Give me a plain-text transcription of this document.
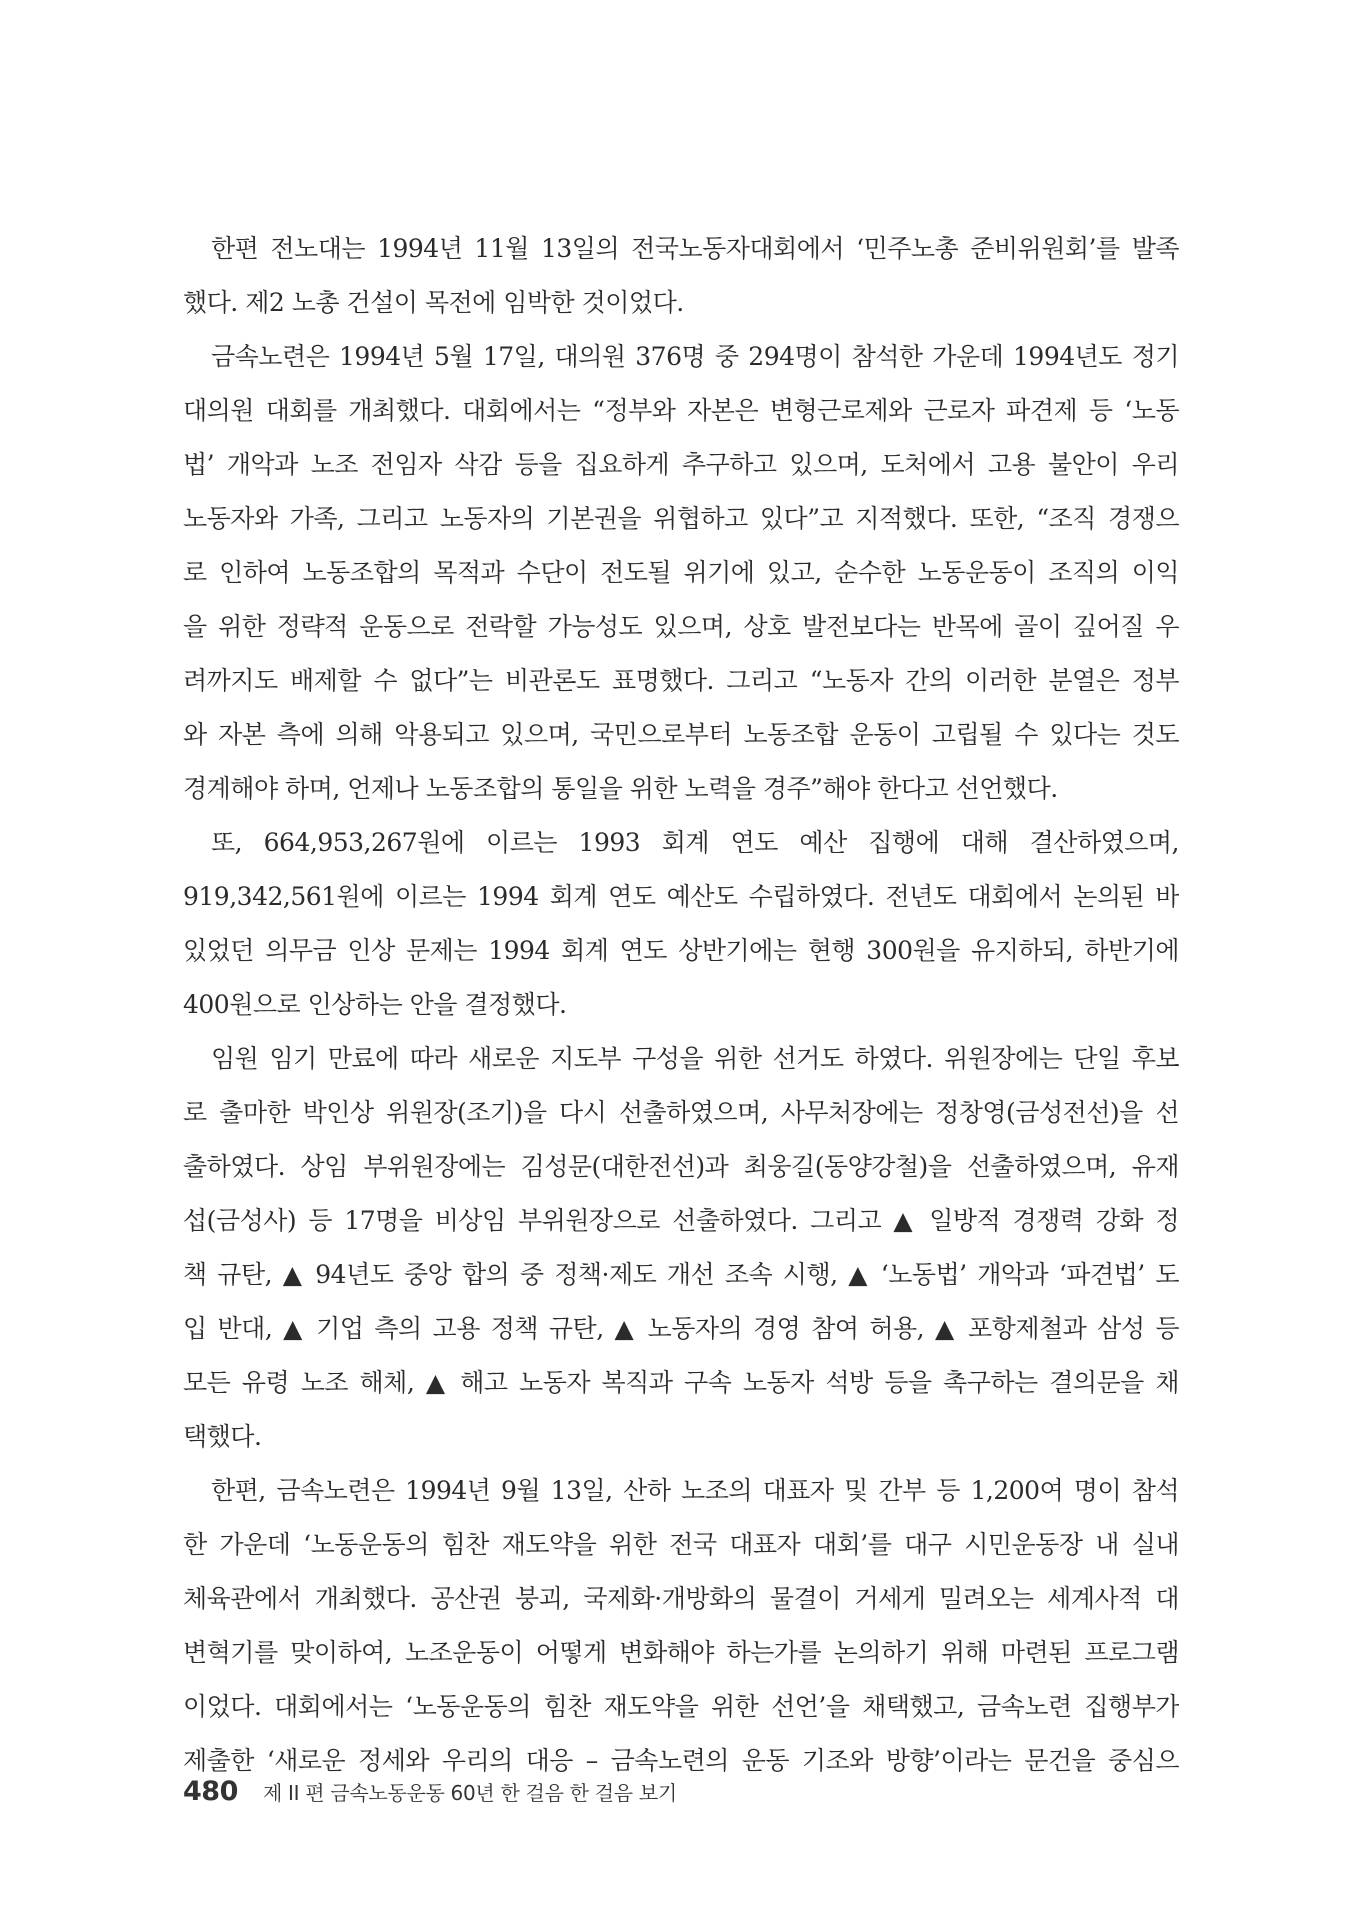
한편 전노대는 1994년 11월 13일의 전국노동자대회에서 ‘민주노총 준비위원회’를 발족
했다. 제2 노총 건설이 목전에 임박한 것이었다.
금속노련은 1994년 5월 17일, 대의원 376명 중 294명이 참석한 가운데 1994년도 정기
대의원 대회를 개최했다. 대회에서는 “정부와 자본은 변형근로제와 근로자 파견제 등 ‘노동
법’ 개악과 노조 전임자 삭감 등을 집요하게 추구하고 있으며, 도처에서 고용 불안이 우리
노동자와 가족, 그리고 노동자의 기본권을 위협하고 있다”고 지적했다. 또한, “조직 경쟁으
로 인하여 노동조합의 목적과 수단이 전도될 위기에 있고, 순수한 노동운동이 조직의 이익
을 위한 정략적 운동으로 전락할 가능성도 있으며, 상호 발전보다는 반목에 골이 깊어질 우
려까지도 배제할 수 없다”는 비관론도 표명했다. 그리고 “노동자 간의 이러한 분열은 정부
와 자본 측에 의해 악용되고 있으며, 국민으로부터 노동조합 운동이 고립될 수 있다는 것도
경계해야 하며, 언제나 노동조합의 통일을 위한 노력을 경주”해야 한다고 선언했다.
또, 664,953,267원에 이르는 1993 회계 연도 예산 집행에 대해 결산하였으며,
919,342,561원에 이르는 1994 회계 연도 예산도 수립하였다. 전년도 대회에서 논의된 바
있었던 의무금 인상 문제는 1994 회계 연도 상반기에는 현행 300원을 유지하되, 하반기에
400원으로 인상하는 안을 결정했다.
임원 임기 만료에 따라 새로운 지도부 구성을 위한 선거도 하였다. 위원장에는 단일 후보
로 출마한 박인상 위원장(조기)을 다시 선출하였으며, 사무처장에는 정창영(금성전선)을 선
출하였다. 상임 부위원장에는 김성문(대한전선)과 최웅길(동양강철)을 선출하였으며, 유재
섭(금성사) 등 17명을 비상임 부위원장으로 선출하였다. 그리고 ▲ 일방적 경쟁력 강화 정
책 규탄, ▲ 94년도 중앙 합의 중 정책·제도 개선 조속 시행, ▲ ‘노동법’ 개악과 ‘파견법’ 도
입 반대, ▲ 기업 측의 고용 정책 규탄, ▲ 노동자의 경영 참여 허용, ▲ 포항제철과 삼성 등
모든 유령 노조 해체, ▲ 해고 노동자 복직과 구속 노동자 석방 등을 촉구하는 결의문을 채
택했다.
한편, 금속노련은 1994년 9월 13일, 산하 노조의 대표자 및 간부 등 1,200여 명이 참석
한 가운데 ‘노동운동의 힘찬 재도약을 위한 전국 대표자 대회’를 대구 시민운동장 내 실내
체육관에서 개최했다. 공산권 붕괴, 국제화·개방화의 물결이 거세게 밀려오는 세계사적 대
변혁기를 맞이하여, 노조운동이 어떻게 변화해야 하는가를 논의하기 위해 마련된 프로그램
이었다. 대회에서는 ‘노동운동의 힘찬 재도약을 위한 선언’을 채택했고, 금속노련 집행부가
제출한 ‘새로운 정세와 우리의 대응 – 금속노련의 운동 기조와 방향’이라는 문건을 중심으
480 제 II 편 금속노동운동 60년 한 걸음 한 걸음 보기
